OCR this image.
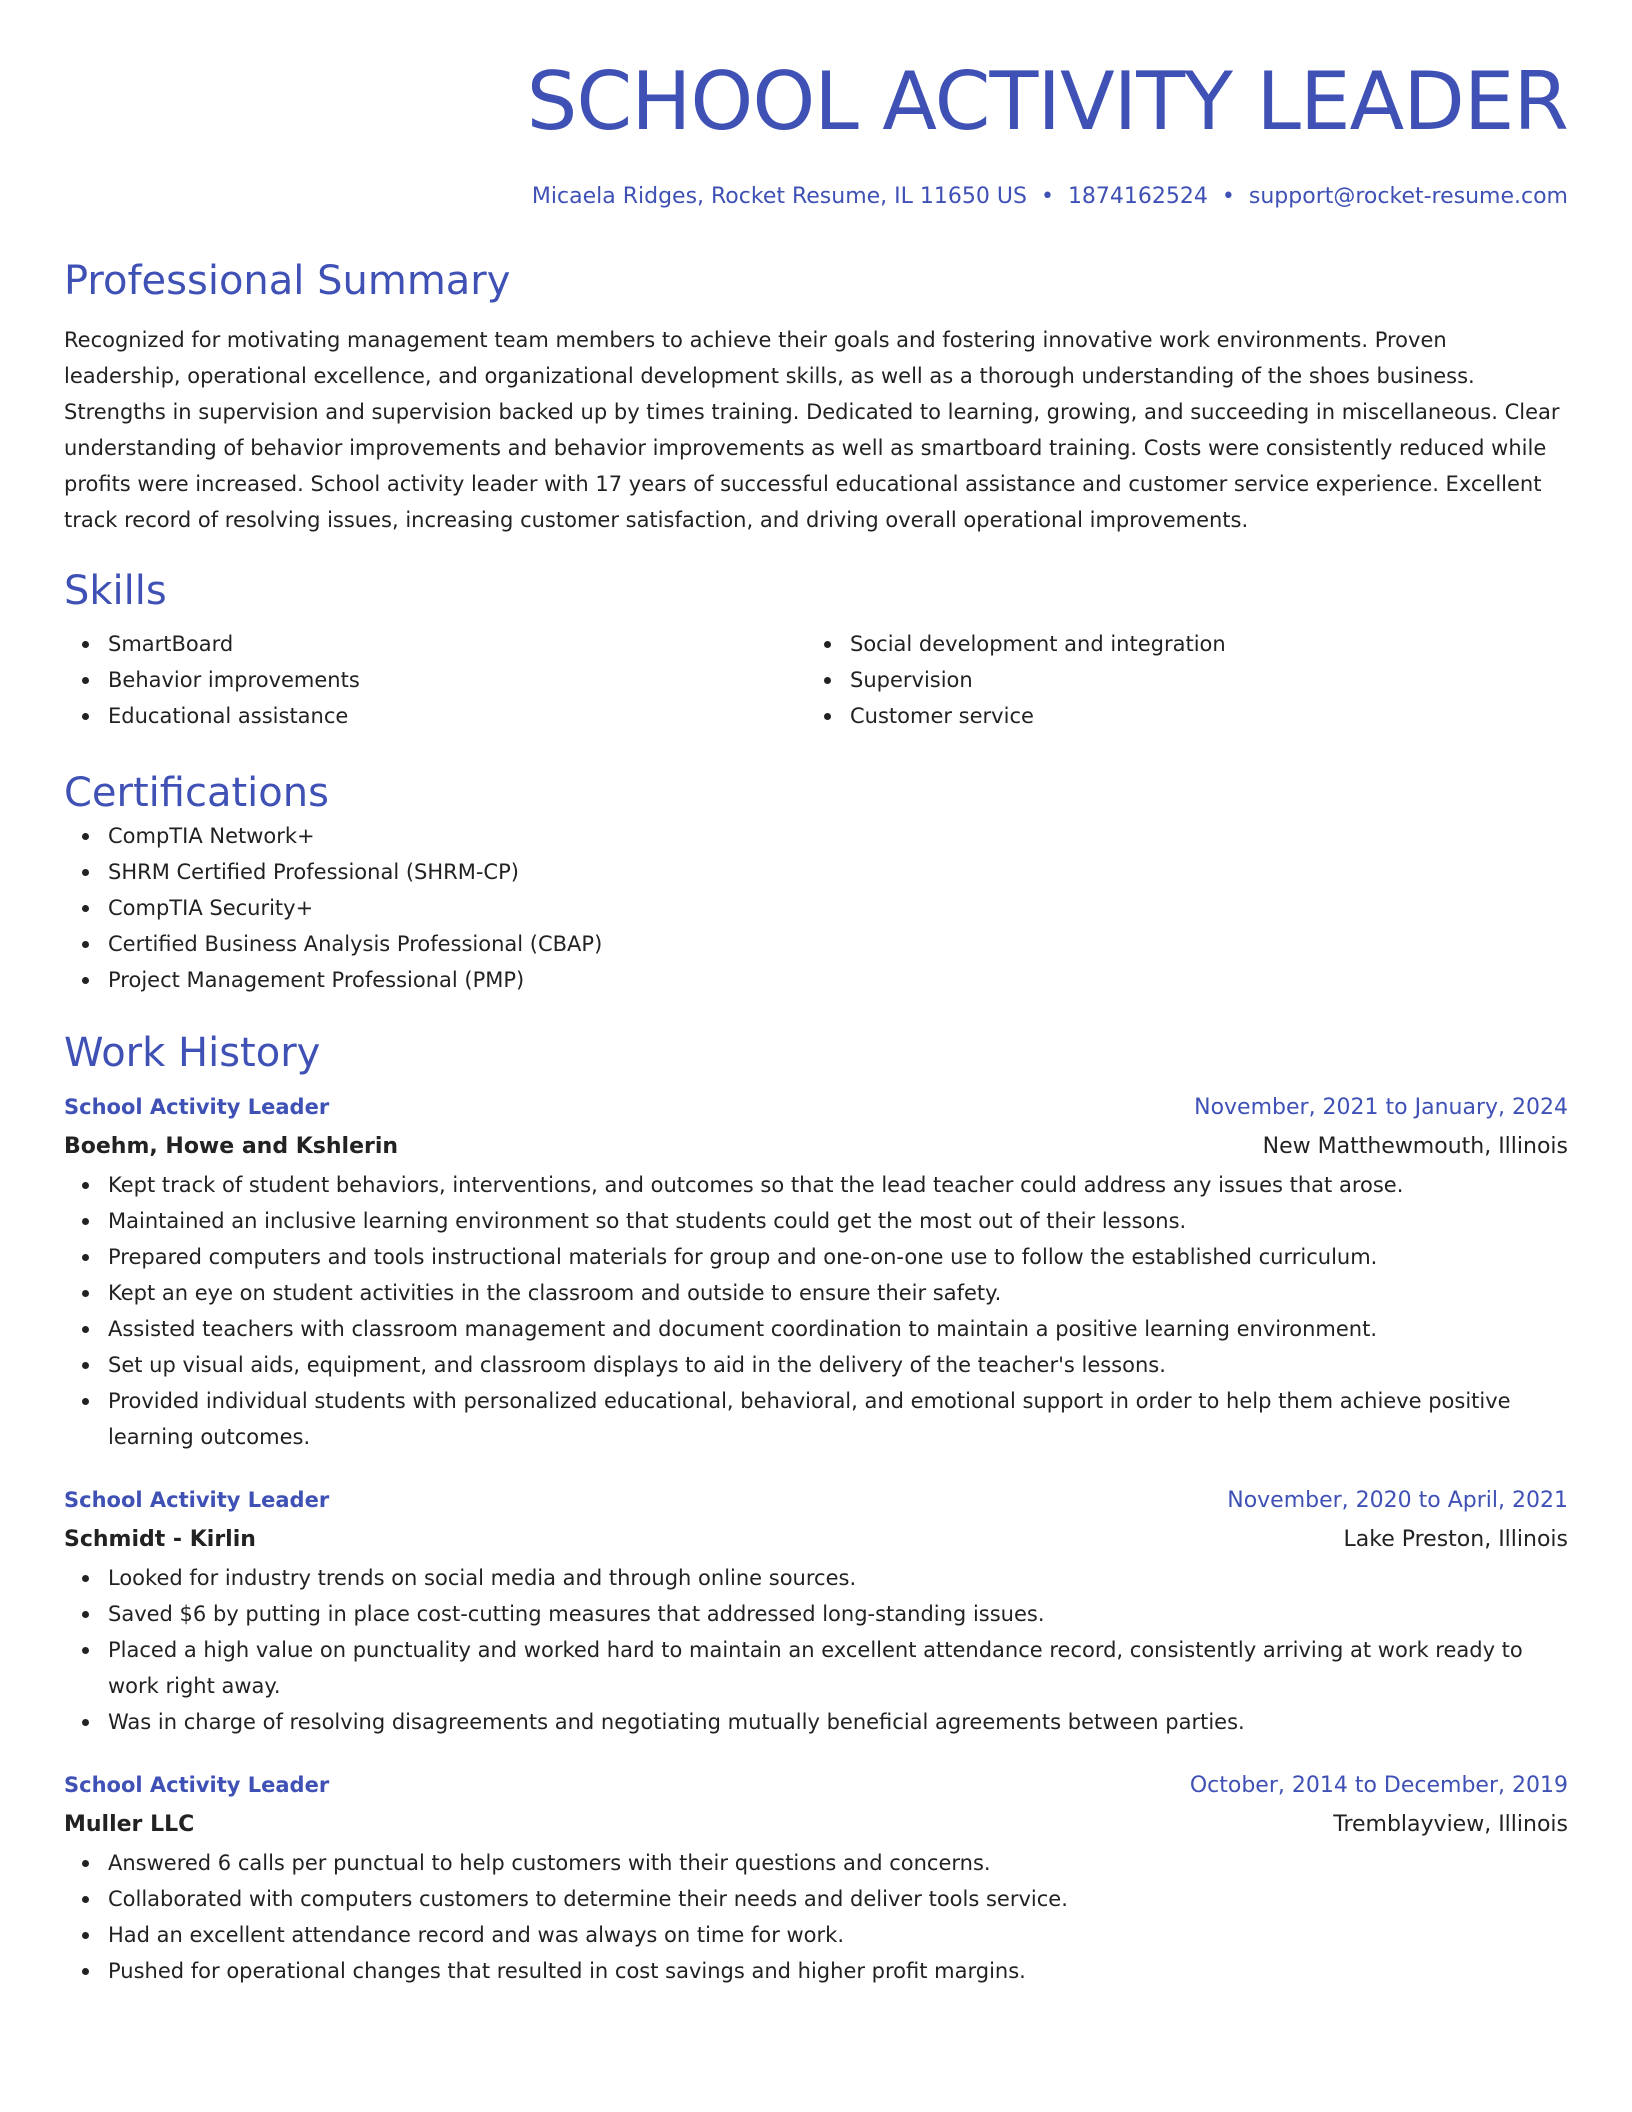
SCHOOL ACTIVITY LEADER
Micaela Ridges, Rocket Resume, IL 11650 US • 1874162524 • support@rocket-resume.com
Professional Summary

Recognized for motivating management team members to achieve their goals and fostering innovative work environments. Proven leadership, operational excellence, and organizational development skills, as well as a thorough understanding of the shoes business. Strengths in supervision and supervision backed up by times training. Dedicated to learning, growing, and succeeding in miscellaneous. Clear understanding of behavior improvements and behavior improvements as well as smartboard training. Costs were consistently reduced while profits were increased. School activity leader with 17 years of successful educational assistance and customer service experience. Excellent track record of resolving issues, increasing customer satisfaction, and driving overall operational improvements.

Skills
SmartBoard
Behavior improvements
Educational assistance
Social development and integration
Supervision
Customer service
Certifications
CompTIA Network+
SHRM Certified Professional (SHRM-CP)
CompTIA Security+
Certified Business Analysis Professional (CBAP)
Project Management Professional (PMP)
Work History
School Activity Leader	November, 2021 to January, 2024
Boehm, Howe and Kshlerin	New Matthewmouth, Illinois
Kept track of student behaviors, interventions, and outcomes so that the lead teacher could address any issues that arose.
Maintained an inclusive learning environment so that students could get the most out of their lessons.
Prepared computers and tools instructional materials for group and one-on-one use to follow the established curriculum.
Kept an eye on student activities in the classroom and outside to ensure their safety.
Assisted teachers with classroom management and document coordination to maintain a positive learning environment.
Set up visual aids, equipment, and classroom displays to aid in the delivery of the teacher's lessons.
Provided individual students with personalized educational, behavioral, and emotional support in order to help them achieve positive learning outcomes.
School Activity Leader	November, 2020 to April, 2021
Schmidt - Kirlin	Lake Preston, Illinois
Looked for industry trends on social media and through online sources.
Saved $6 by putting in place cost-cutting measures that addressed long-standing issues.
Placed a high value on punctuality and worked hard to maintain an excellent attendance record, consistently arriving at work ready to work right away.
Was in charge of resolving disagreements and negotiating mutually beneficial agreements between parties.
School Activity Leader	October, 2014 to December, 2019
Muller LLC	Tremblayview, Illinois
Answered 6 calls per punctual to help customers with their questions and concerns.
Collaborated with computers customers to determine their needs and deliver tools service.
Had an excellent attendance record and was always on time for work.
Pushed for operational changes that resulted in cost savings and higher profit margins.
